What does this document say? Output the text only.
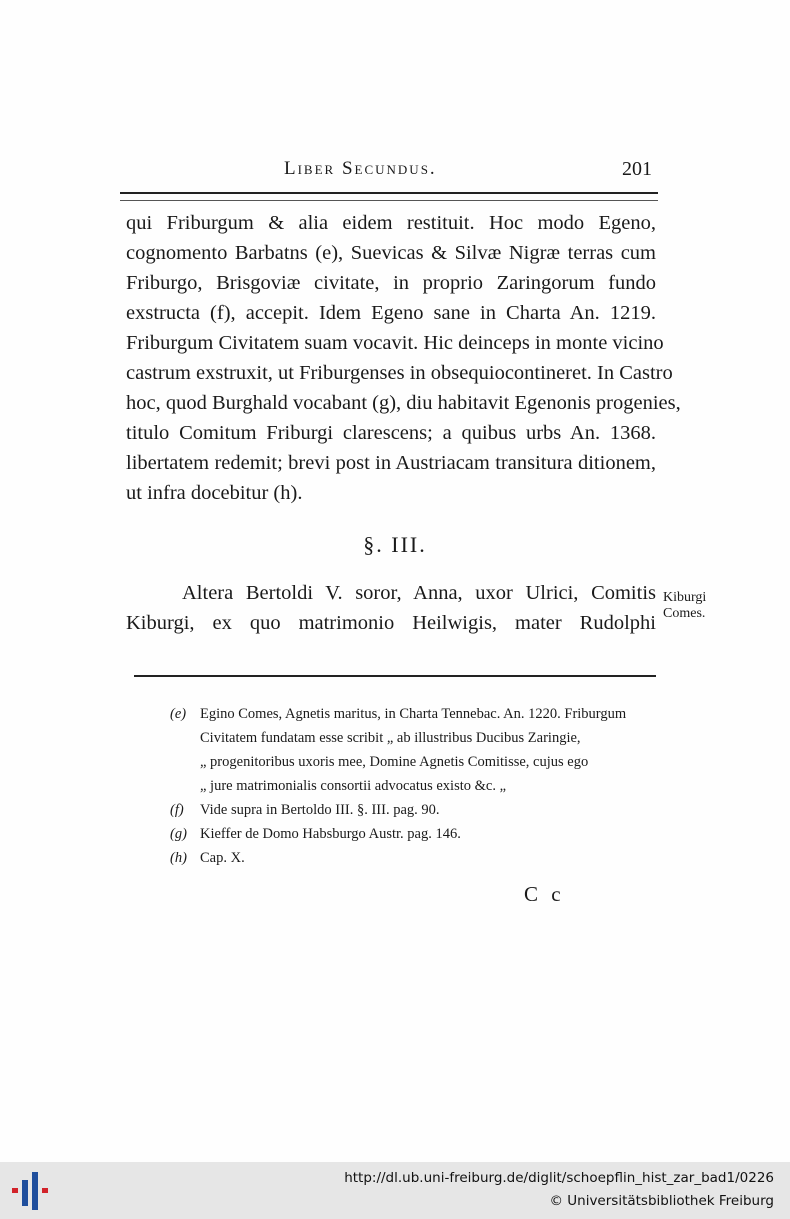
Liber Secundus.	201
qui Friburgum & alia eidem restituit. Hoc modo Egeno,
cognomento Barbatns (e), Suevicas & Silvæ Nigræ terras cum
Friburgo, Brisgoviæ civitate, in proprio Zaringorum fundo
exstructa (f), accepit. Idem Egeno sane in Charta An. 1219.
Friburgum Civitatem suam vocavit. Hic deinceps in monte vicino
castrum exstruxit, ut Friburgenses in obsequiocontineret. In Castro
hoc, quod Burghald vocabant (g), diu habitavit Egenonis progenies,
titulo Comitum Friburgi clarescens; a quibus urbs An. 1368.
libertatem redemit; brevi post in Austriacam transitura ditionem,
ut infra docebitur (h).
§. III.
Altera Bertoldi V. soror, Anna, uxor Ulrici, Comitis
Kiburgi, ex quo matrimonio Heilwigis, mater Rudolphi
Kiburgi
Comes.
(e) Egino Comes, Agnetis maritus, in Charta Tennebac. An. 1220. Friburgum
Civitatem fundatam esse scribit „ ab illustribus Ducibus Zaringie,
„ progenitoribus uxoris mee, Domine Agnetis Comitisse, cujus ego
„ jure matrimonialis consortii advocatus existo &c. „
(f) Vide supra in Bertoldo III. §. III. pag. 90.
(g) Kieffer de Domo Habsburgo Austr. pag. 146.
(h) Cap. X.
C c
http://dl.ub.uni-freiburg.de/diglit/schoepflin_hist_zar_bad1/0226
© Universitätsbibliothek Freiburg
